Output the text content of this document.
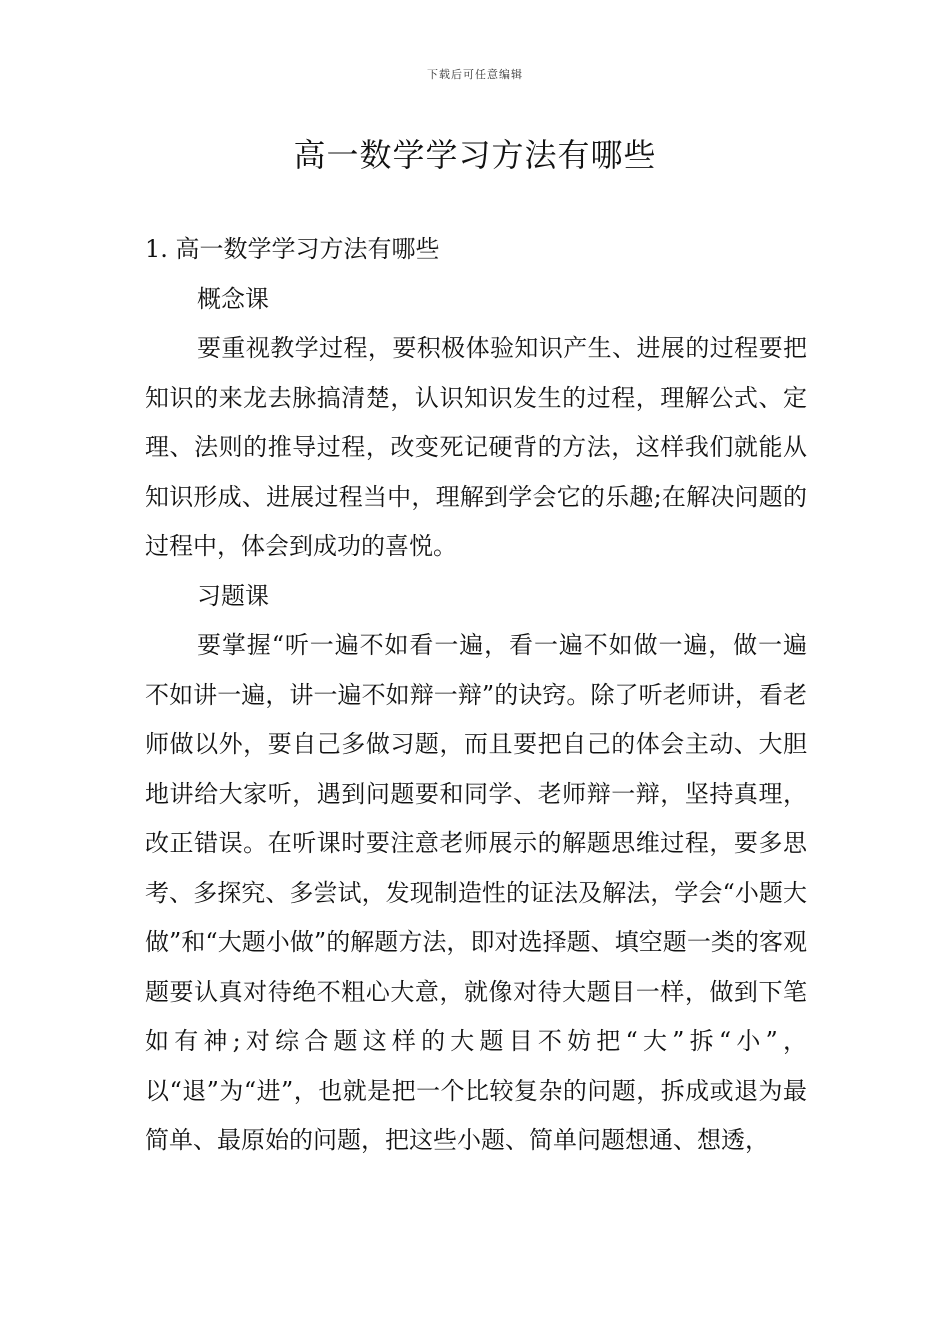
下载后可任意编辑
高一数学学习方法有哪些

1. 高一数学学习方法有哪些

概念课

要重视教学过程，要积极体验知识产生、进展的过程要把知识的来龙去脉搞清楚，认识知识发生的过程，理解公式、定理、法则的推导过程，改变死记硬背的方法，这样我们就能从知识形成、进展过程当中，理解到学会它的乐趣;在解决问题的过程中，体会到成功的喜悦。

习题课

要掌握“听一遍不如看一遍，看一遍不如做一遍，做一遍不如讲一遍，讲一遍不如辩一辩”的诀窍。除了听老师讲，看老师做以外，要自己多做习题，而且要把自己的体会主动、大胆地讲给大家听，遇到问题要和同学、老师辩一辩，坚持真理，改正错误。在听课时要注意老师展示的解题思维过程，要多思考、多探究、多尝试，发现制造性的证法及解法，学会“小题大做”和“大题小做”的解题方法，即对选择题、填空题一类的客观题要认真对待绝不粗心大意，就像对待大题目一样，做到下笔如有神;对综合题这样的大题目不妨把“大”拆“小”，以“退”为“进”，也就是把一个比较复杂的问题，拆成或退为最简单、最原始的问题，把这些小题、简单问题想通、想透，
